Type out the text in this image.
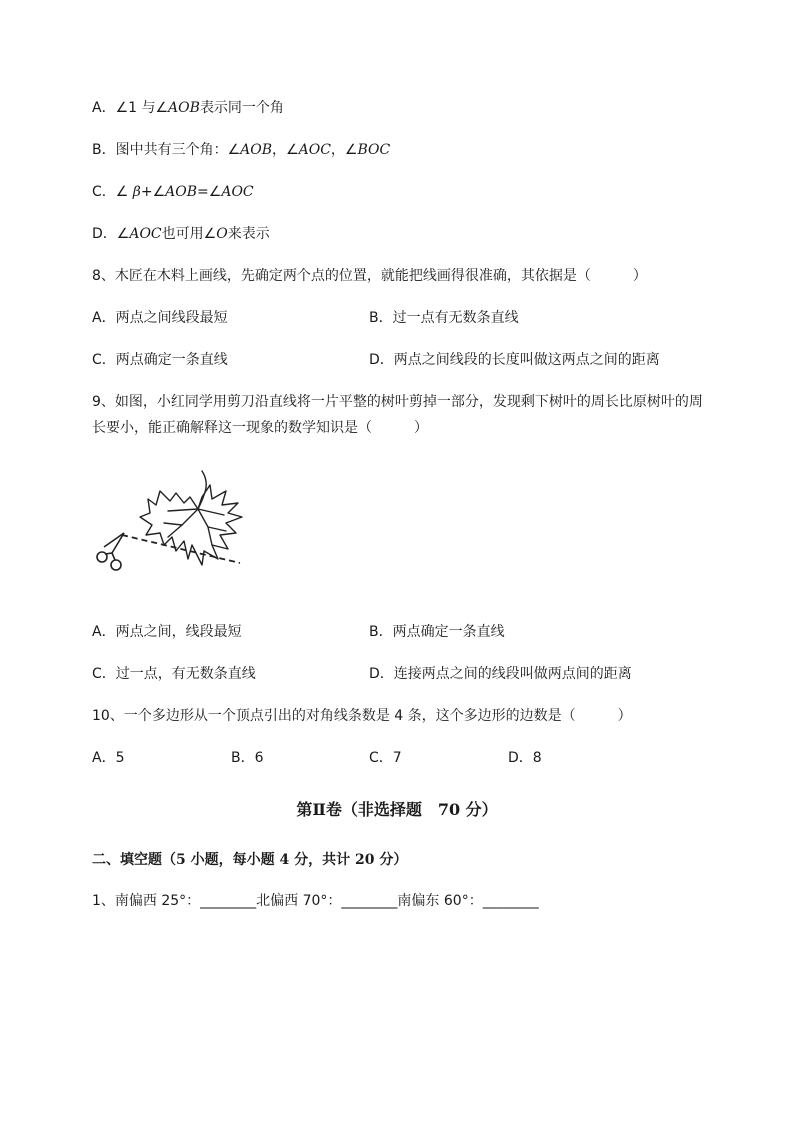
A．∠1 与∠AOB表示同一个角
B．图中共有三个角：∠AOB，∠AOC，∠BOC
C．∠ β+∠AOB=∠AOC
D．∠AOC也可用∠O来表示
8、木匠在木料上画线，先确定两个点的位置，就能把线画得很准确，其依据是（　　　）
A．两点之间线段最短	B．过一点有无数条直线
C．两点确定一条直线	D．两点之间线段的长度叫做这两点之间的距离
9、如图，小红同学用剪刀沿直线将一片平整的树叶剪掉一部分，发现剩下树叶的周长比原树叶的周
长要小，能正确解释这一现象的数学知识是（　　　）
A．两点之间，线段最短	B．两点确定一条直线
C．过一点，有无数条直线	D．连接两点之间的线段叫做两点间的距离
10、一个多边形从一个顶点引出的对角线条数是 4 条，这个多边形的边数是（　　　）
A．5	B．6	C．7	D．8
第Ⅱ卷（非选择题　70 分）
二、填空题（5 小题，每小题 4 分，共计 20 分）
1、南偏西 25°：________北偏西 70°：________南偏东 60°：________
